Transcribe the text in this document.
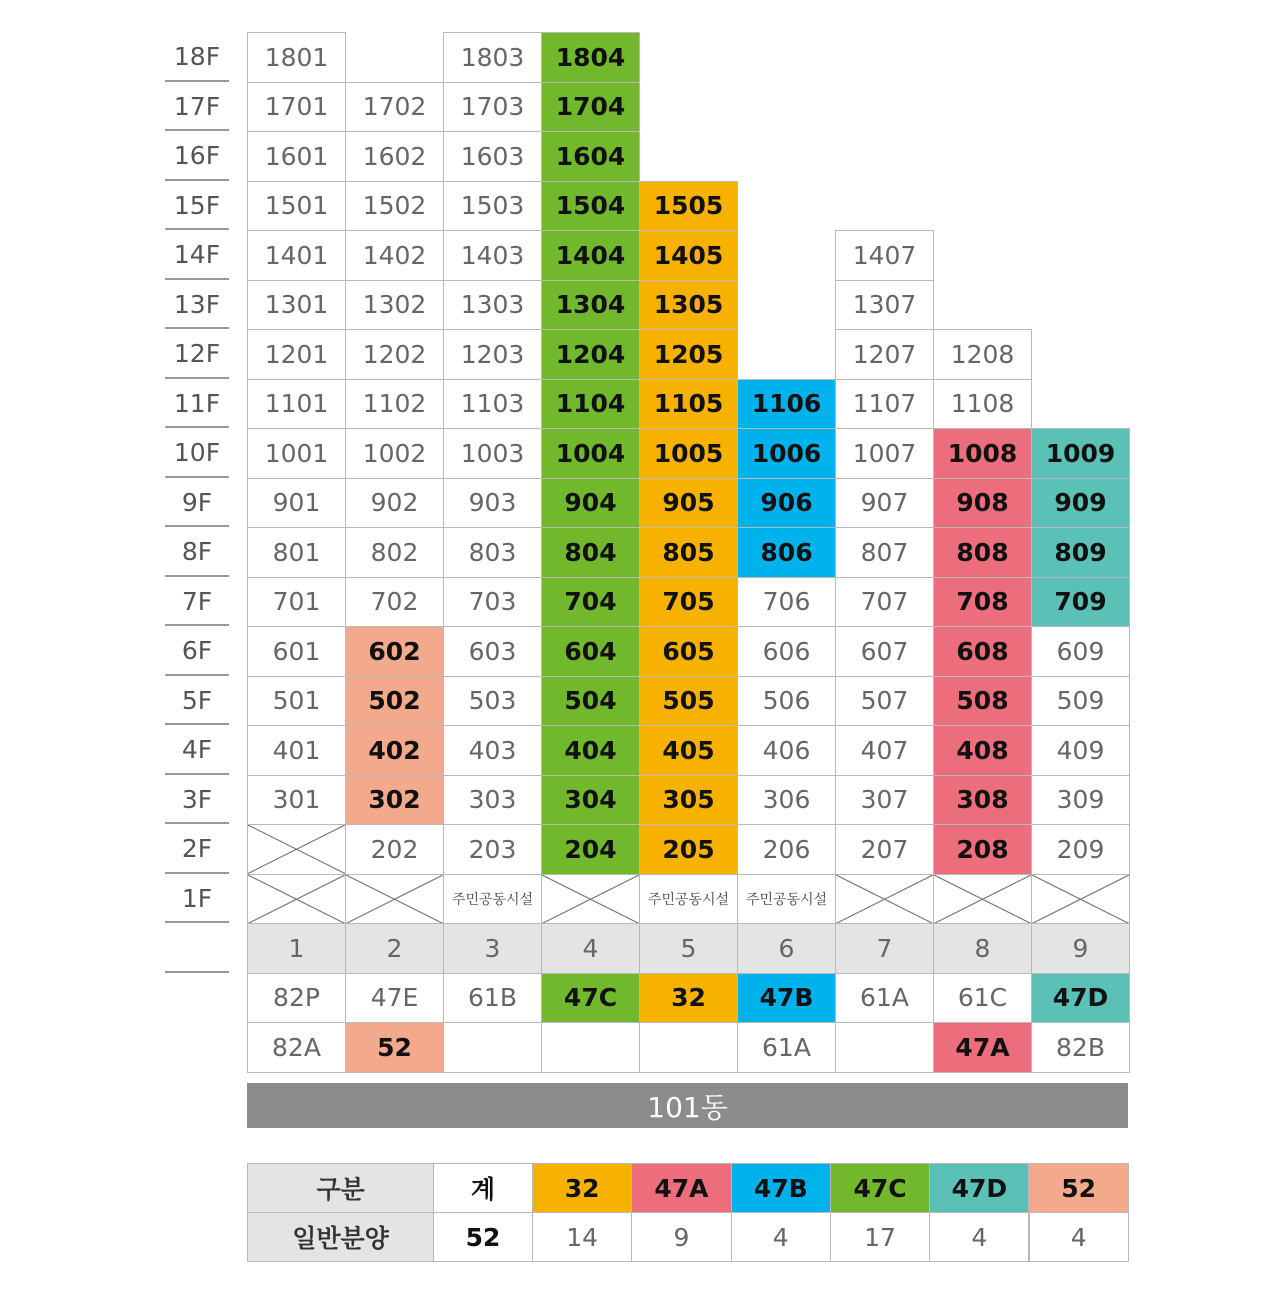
18F
17F
16F
15F
14F
13F
12F
11F
10F
9F
8F
7F
6F
5F
4F
3F
2F
1F
1801
1701
1601
1501
1401
1301
1201
1101
1001
901
801
701
601
501
401
301
1
82P
82A
1702
1602
1502
1402
1302
1202
1102
1002
902
802
702
602
502
402
302
202
2
47E
52
1803
1703
1603
1503
1403
1303
1203
1103
1003
903
803
703
603
503
403
303
203
주민공동시설
3
61B
1804
1704
1604
1504
1404
1304
1204
1104
1004
904
804
704
604
504
404
304
204
4
47C
1505
1405
1305
1205
1105
1005
905
805
705
605
505
405
305
205
주민공동시설
5
32
1106
1006
906
806
706
606
506
406
306
206
주민공동시설
6
47B
61A
1407
1307
1207
1107
1007
907
807
707
607
507
407
307
207
7
61A
1208
1108
1008
908
808
708
608
508
408
308
208
8
61C
47A
1009
909
809
709
609
509
409
309
209
9
47D
82B
101동
구분
일반분양
계
52
32
14
47A
9
47B
4
47C
17
47D
4
52
4
